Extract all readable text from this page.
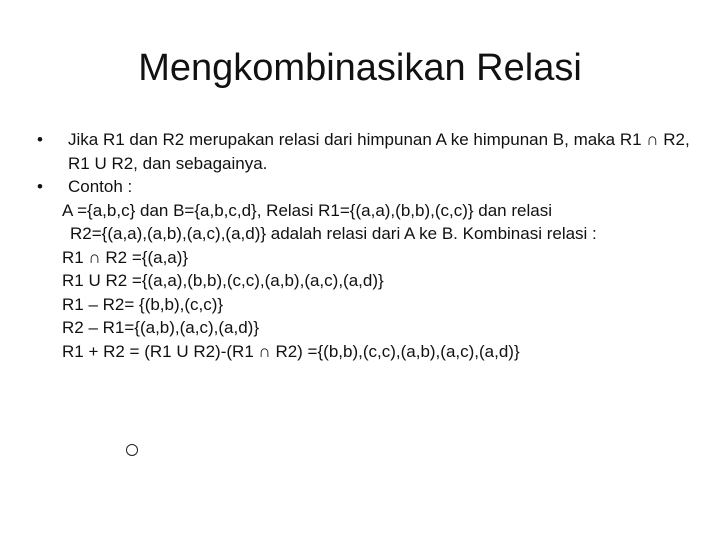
Mengkombinasikan Relasi
•	Jika R1 dan R2 merupakan relasi dari himpunan A ke himpunan B, maka R1 ∩ R2, R1 U R2, dan sebagainya.
•	Contoh :
A ={a,b,c} dan B={a,b,c,d}, Relasi R1={(a,a),(b,b),(c,c)} dan relasi
R2={(a,a),(a,b),(a,c),(a,d)} adalah relasi dari A ke B. Kombinasi relasi :
R1 ∩ R2 ={(a,a)}
R1 U R2 ={(a,a),(b,b),(c,c),(a,b),(a,c),(a,d)}
R1 – R2= {(b,b),(c,c)}
R2 – R1={(a,b),(a,c),(a,d)}
R1 + R2 = (R1 U R2)-(R1 ∩ R2) ={(b,b),(c,c),(a,b),(a,c),(a,d)}
